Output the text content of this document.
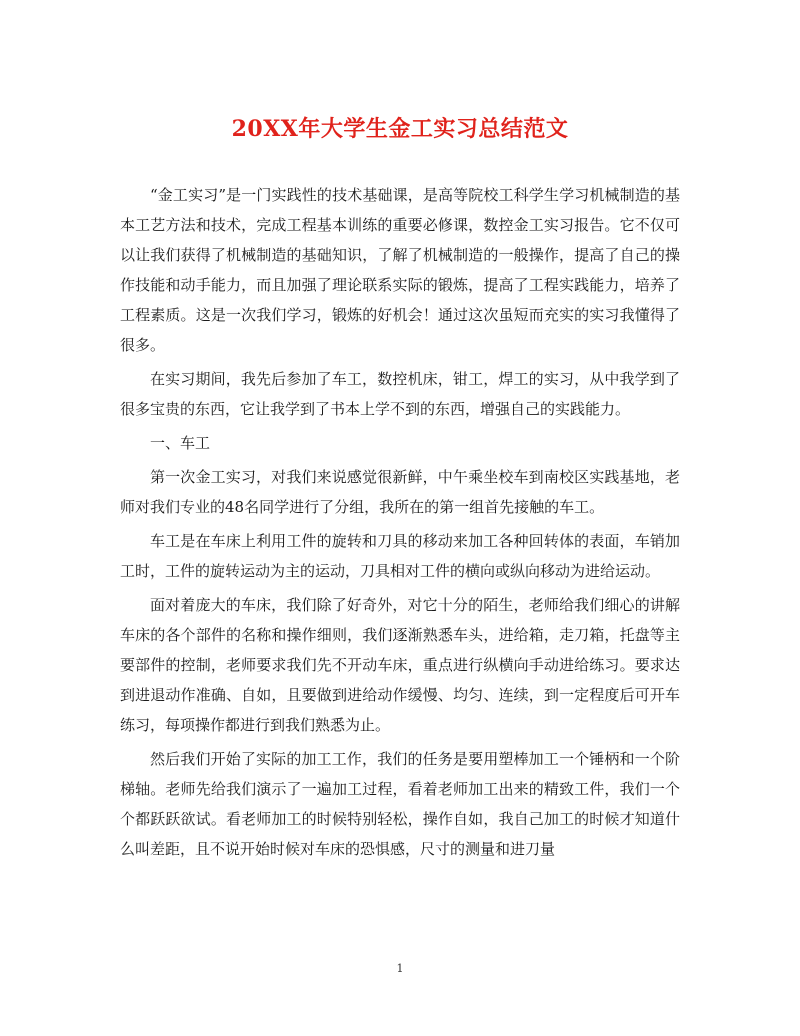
20XX年大学生金工实习总结范文

“金工实习”是一门实践性的技术基础课，是高等院校工科学生学习机械制造的基本工艺方法和技术，完成工程基本训练的重要必修课，数控金工实习报告。它不仅可以让我们获得了机械制造的基础知识，了解了机械制造的一般操作，提高了自己的操作技能和动手能力，而且加强了理论联系实际的锻炼，提高了工程实践能力，培养了工程素质。这是一次我们学习，锻炼的好机会！通过这次虽短而充实的实习我懂得了很多。

在实习期间，我先后参加了车工，数控机床，钳工，焊工的实习，从中我学到了很多宝贵的东西，它让我学到了书本上学不到的东西，增强自己的实践能力。

一、车工

第一次金工实习，对我们来说感觉很新鲜，中午乘坐校车到南校区实践基地，老师对我们专业的48名同学进行了分组，我所在的第一组首先接触的车工。

车工是在车床上利用工件的旋转和刀具的移动来加工各种回转体的表面，车销加工时，工件的旋转运动为主的运动，刀具相对工件的横向或纵向移动为进给运动。

面对着庞大的车床，我们除了好奇外，对它十分的陌生，老师给我们细心的讲解车床的各个部件的名称和操作细则，我们逐渐熟悉车头，进给箱，走刀箱，托盘等主要部件的控制，老师要求我们先不开动车床，重点进行纵横向手动进给练习。要求达到进退动作准确、自如，且要做到进给动作缓慢、均匀、连续，到一定程度后可开车练习，每项操作都进行到我们熟悉为止。

然后我们开始了实际的加工工作，我们的任务是要用塑棒加工一个锤柄和一个阶梯轴。老师先给我们演示了一遍加工过程，看着老师加工出来的精致工件，我们一个个都跃跃欲试。看老师加工的时候特别轻松，操作自如，我自己加工的时候才知道什么叫差距，且不说开始时候对车床的恐惧感，尺寸的测量和进刀量

1
